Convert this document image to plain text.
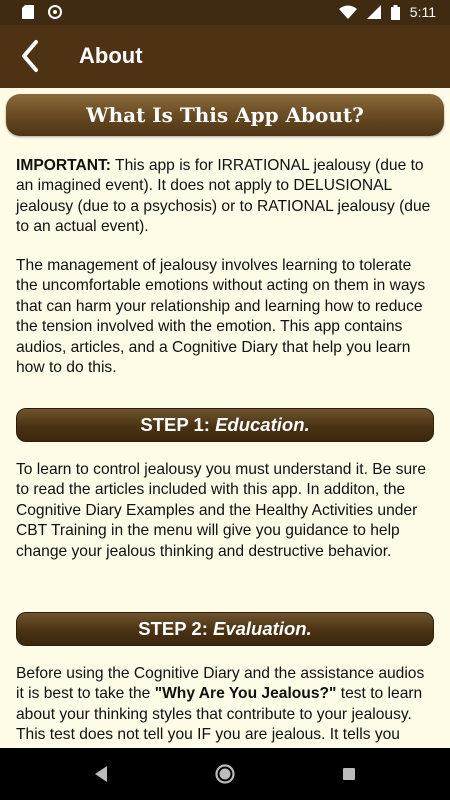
5:11
About
What Is This App About?
IMPORTANT: This app is for IRRATIONAL jealousy (due to an imagined event). It does not apply to DELUSIONAL jealousy (due to a psychosis) or to RATIONAL jealousy (due to an actual event).
The management of jealousy involves learning to tolerate the uncomfortable emotions without acting on them in ways that can harm your relationship and learning how to reduce the tension involved with the emotion. This app contains audios, articles, and a Cognitive Diary that help you learn how to do this.
STEP 1: Education.
To learn to control jealousy you must understand it. Be sure to read the articles included with this app. In additon, the Cognitive Diary Examples and the Healthy Activities under CBT Training in the menu will give you guidance to help change your jealous thinking and destructive behavior.
STEP 2: Evaluation.
Before using the Cognitive Diary and the assistance audios it is best to take the "Why Are You Jealous?" test to learn about your thinking styles that contribute to your jealousy. This test does not tell you IF you are jealous. It tells you
